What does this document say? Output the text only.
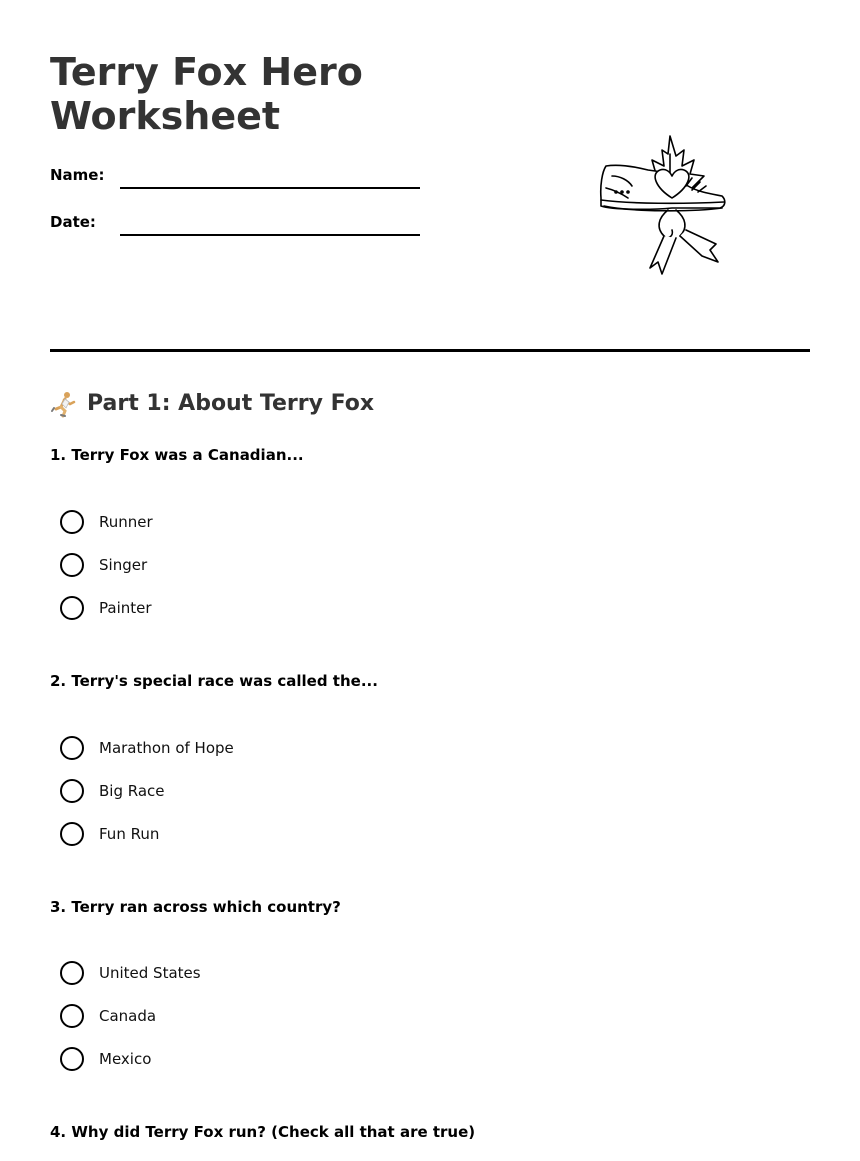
Terry Fox Hero Worksheet
Name:
Date:
Part 1: About Terry Fox

1. Terry Fox was a Canadian...

Runner
Singer
Painter

2. Terry's special race was called the...

Marathon of Hope
Big Race
Fun Run

3. Terry ran across which country?

United States
Canada
Mexico

4. Why did Terry Fox run? (Check all that are true)
